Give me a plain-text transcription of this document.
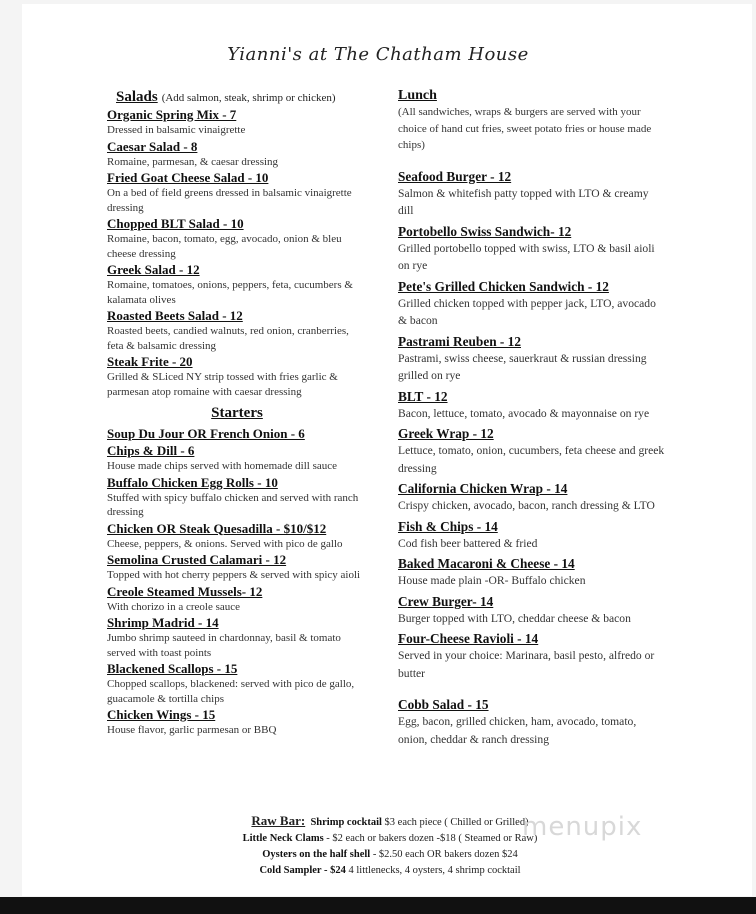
Yianni's at The Chatham House
Salads (Add salmon, steak, shrimp or chicken)
Organic Spring Mix - 7
Dressed in balsamic vinaigrette
Caesar Salad - 8
Romaine, parmesan, & caesar dressing
Fried Goat Cheese Salad - 10
On a bed of field greens dressed in balsamic vinaigrette dressing
Chopped BLT Salad - 10
Romaine, bacon, tomato, egg, avocado, onion & bleu cheese dressing
Greek Salad - 12
Romaine, tomatoes, onions, peppers, feta, cucumbers & kalamata olives
Roasted Beets Salad - 12
Roasted beets, candied walnuts, red onion, cranberries, feta & balsamic dressing
Steak Frite - 20
Grilled & SLiced NY strip tossed with fries garlic & parmesan atop romaine with caesar dressing
Starters
Soup Du Jour OR French Onion - 6
Chips & Dill - 6
House made chips served with homemade dill sauce
Buffalo Chicken Egg Rolls - 10
Stuffed with spicy buffalo chicken and served with ranch dressing
Chicken OR Steak Quesadilla - $10/$12
Cheese, peppers, & onions. Served with pico de gallo
Semolina Crusted Calamari - 12
Topped with hot cherry peppers & served with spicy aioli
Creole Steamed Mussels- 12
With chorizo in a creole sauce
Shrimp Madrid - 14
Jumbo shrimp sauteed in chardonnay, basil & tomato served with toast points
Blackened Scallops - 15
Chopped scallops, blackened: served with pico de gallo, guacamole & tortilla chips
Chicken Wings - 15
House flavor, garlic parmesan or BBQ
Lunch
(All sandwiches, wraps & burgers are served with your choice of hand cut fries, sweet potato fries or house made chips)
Seafood Burger - 12
Salmon & whitefish patty topped with LTO & creamy dill
Portobello Swiss Sandwich- 12
Grilled portobello topped with swiss, LTO & basil aioli on rye
Pete's Grilled Chicken Sandwich - 12
Grilled chicken topped with pepper jack, LTO, avocado & bacon
Pastrami Reuben - 12
Pastrami, swiss cheese, sauerkraut & russian dressing grilled on rye
BLT - 12
Bacon, lettuce, tomato, avocado & mayonnaise on rye
Greek Wrap - 12
Lettuce, tomato, onion, cucumbers, feta cheese and greek dressing
California Chicken Wrap - 14
Crispy chicken, avocado, bacon, ranch dressing & LTO
Fish & Chips - 14
Cod fish beer battered & fried
Baked Macaroni & Cheese - 14
House made plain -OR- Buffalo chicken
Crew Burger- 14
Burger topped with LTO, cheddar cheese & bacon
Four-Cheese Ravioli - 14
Served in your choice: Marinara, basil pesto, alfredo or butter
Cobb Salad - 15
Egg, bacon, grilled chicken, ham, avocado, tomato, onion, cheddar & ranch dressing
Raw Bar: Shrimp cocktail $3 each piece ( Chilled or Grilled)
Little Neck Clams - $2 each or bakers dozen -$18 ( Steamed or Raw)
Oysters on the half shell - $2.50 each OR bakers dozen $24
Cold Sampler - $24 4 littlenecks, 4 oysters, 4 shrimp cocktail
menupix
